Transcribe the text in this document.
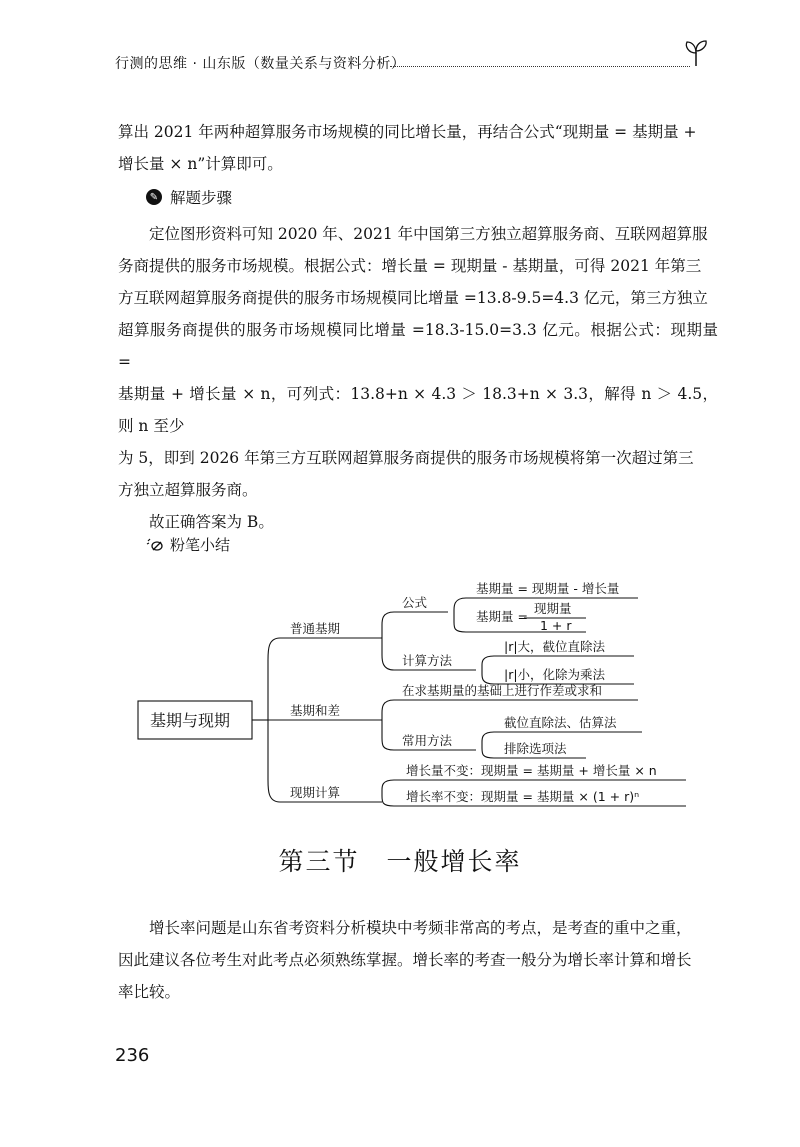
行测的思维 · 山东版（数量关系与资料分析）
算出 2021 年两种超算服务市场规模的同比增长量，再结合公式“现期量 = 基期量 +
增长量 × n”计算即可。
✎ 解题步骤
定位图形资料可知 2020 年、2021 年中国第三方独立超算服务商、互联网超算服
务商提供的服务市场规模。根据公式：增长量 = 现期量 - 基期量，可得 2021 年第三
方互联网超算服务商提供的服务市场规模同比增量 =13.8-9.5=4.3 亿元，第三方独立
超算服务商提供的服务市场规模同比增量 =18.3-15.0=3.3 亿元。根据公式：现期量 =
基期量 + 增长量 × n，可列式：13.8+n × 4.3 ＞ 18.3+n × 3.3，解得 n ＞ 4.5，则 n 至少
为 5，即到 2026 年第三方互联网超算服务商提供的服务市场规模将第一次超过第三
方独立超算服务商。
故正确答案为 B。
粉笔小结
基期与现期
普通基期
基期和差
现期计算
公式
计算方法
常用方法
基期量 = 现期量 - 增长量
基期量 =
现期量
1 + r
|r|大，截位直除法
|r|小，化除为乘法
在求基期量的基础上进行作差或求和
截位直除法、估算法
排除选项法
增长量不变：现期量 = 基期量 + 增长量 × n
增长率不变：现期量 = 基期量 × (1 + r)ⁿ
第三节　一般增长率
增长率问题是山东省考资料分析模块中考频非常高的考点，是考查的重中之重，
因此建议各位考生对此考点必须熟练掌握。增长率的考查一般分为增长率计算和增长
率比较。
236
